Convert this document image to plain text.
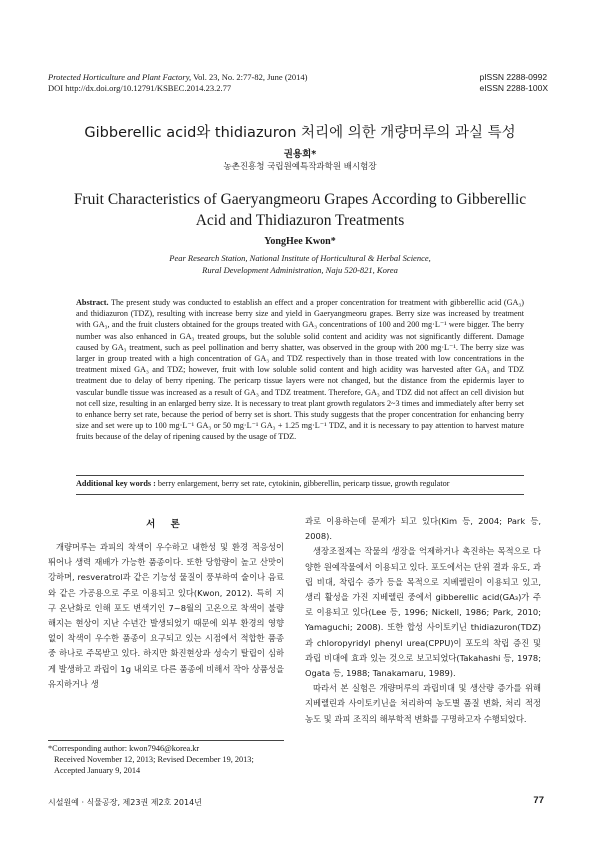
Protected Horticulture and Plant Factory, Vol. 23, No. 2:77-82, June (2014)
DOI http://dx.doi.org/10.12791/KSBEC.2014.23.2.77
pISSN 2288-0992
eISSN 2288-100X
Gibberellic acid와 thidiazuron 처리에 의한 개량머루의 과실 특성
권용희*
농촌진흥청 국립원예특작과학원 배시험장
Fruit Characteristics of Gaeryangmeoru Grapes According to Gibberellic Acid and Thidiazuron Treatments
YongHee Kwon*
Pear Research Station, National Institute of Horticultural & Herbal Science,
Rural Development Administration, Naju 520-821, Korea
Abstract. The present study was conducted to establish an effect and a proper concentration for treatment with gibberellic acid (GA₃) and thidiazuron (TDZ), resulting with increase berry size and yield in Gaeryangmeoru grapes. Berry size was increased by treatment with GA₃, and the fruit clusters obtained for the groups treated with GA₃ concentrations of 100 and 200 mg·L⁻¹ were bigger. The berry number was also enhanced in GA₃ treated groups, but the soluble solid content and acidity was not significantly different. Damage caused by GA₃ treatment, such as peel pollination and berry shatter, was observed in the group with 200 mg·L⁻¹. The berry size was larger in group treated with a high concentration of GA₃ and TDZ respectively than in those treated with low concentrations in the treatment mixed GA₃ and TDZ; however, fruit with low soluble solid content and high acidity was harvested after GA₃ and TDZ treatment due to delay of berry ripening. The pericarp tissue layers were not changed, but the distance from the epidermis layer to vascular bundle tissue was increased as a result of GA₃ and TDZ treatment. Therefore, GA₃ and TDZ did not affect an cell division but not cell size, resulting in an enlarged berry size. It is necessary to treat plant growth regulators 2~3 times and immediately after berry set to enhance berry set rate, because the period of berry set is short. This study suggests that the proper concentration for enhancing berry size and set were up to 100 mg·L⁻¹ GA₃ or 50 mg·L⁻¹ GA₃ + 1.25 mg·L⁻¹ TDZ, and it is necessary to pay attention to harvest mature fruits because of the delay of ripening caused by the usage of TDZ.
Additional key words : berry enlargement, berry set rate, cytokinin, gibberellin, pericarp tissue, growth regulator
서 론

개량머루는 과피의 착색이 우수하고 내한성 및 환경 적응성이 뛰어나 생력 재배가 가능한 품종이다. 또한 당함량이 높고 산맛이 강하며, resveratrol과 같은 기능성 물질이 풍부하여 술이나 음료와 같은 가공용으로 주로 이용되고 있다(Kwon, 2012). 특히 지구 온난화로 인해 포도 변색기인 7~8월의 고온으로 착색이 불량해지는 현상이 지난 수년간 발생되었기 때문에 외부 환경의 영향없이 착색이 우수한 품종이 요구되고 있는 시점에서 적합한 품종중 하나로 주목받고 있다. 하지만 화진현상과 성숙기 탈립이 심하게 발생하고 과립이 1g 내외로 다른 품종에 비해서 작아 상품성을 유지하거나 생

과로 이용하는데 문제가 되고 있다(Kim 등, 2004; Park 등, 2008).

생장조절제는 작물의 생장을 억제하거나 촉진하는 목적으로 다양한 원예작물에서 이용되고 있다. 포도에서는 단위 결과 유도, 과립 비대, 착립수 증가 등을 목적으로 지베렐린이 이용되고 있고, 생리 활성을 가진 지베렐린 중에서 gibberellic acid(GA₃)가 주로 이용되고 있다(Lee 등, 1996; Nickell, 1986; Park, 2010; Yamaguchi; 2008). 또한 합성 사이토키닌 thidiazuron(TDZ)과 chloropyridyl phenyl urea(CPPU)이 포도의 착립 증진 및 과립 비대에 효과 있는 것으로 보고되었다(Takahashi 등, 1978; Ogata 등, 1988; Tanakamaru, 1989).

따라서 본 실험은 개량머루의 과립비대 및 생산량 증가를 위해 지베렐린과 사이토키닌을 처리하여 농도별 품질 변화, 처리 적정농도 및 과피 조직의 해부학적 변화를 구명하고자 수행되었다.

*Corresponding author: kwon7946@korea.kr
Received November 12, 2013; Revised December 19, 2013;
Accepted January 9, 2014
시설원예 · 식물공장, 제23권 제2호 2014년	77
